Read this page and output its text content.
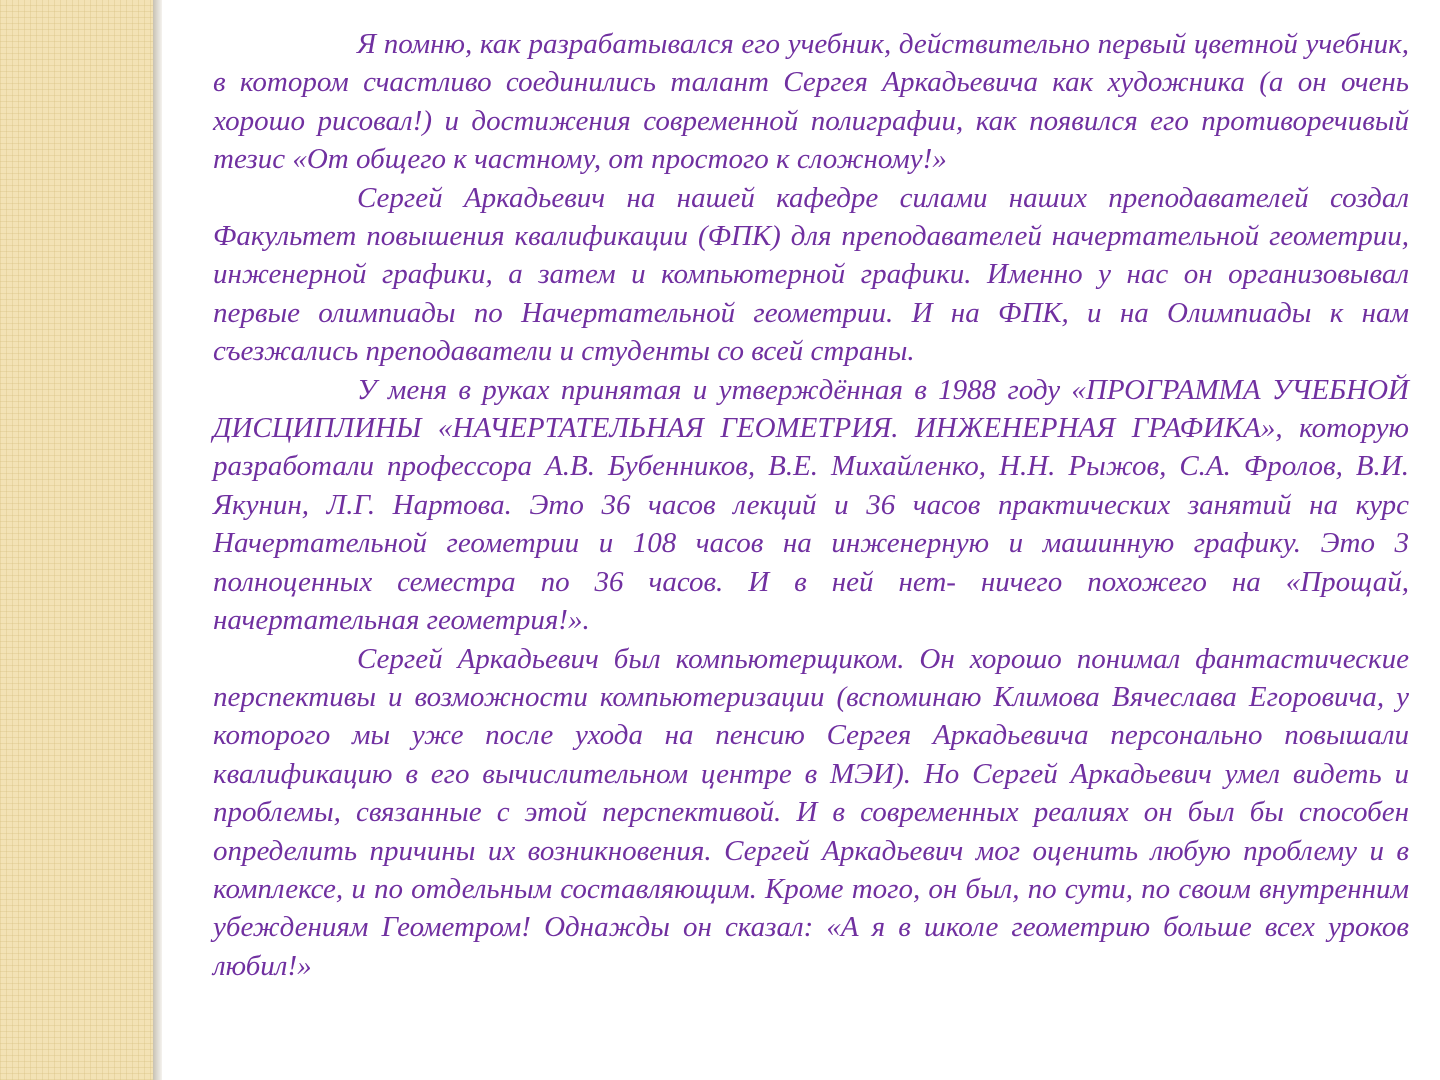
Я помню, как разрабатывался его учебник, действительно первый цветной учебник, в котором счастливо соединились талант Сергея Аркадьевича как художника (а он очень хорошо рисовал!) и достижения современной полиграфии, как появился его противоречивый тезис «От общего к частному, от простого к сложному!»

Сергей Аркадьевич на нашей кафедре силами наших преподавателей создал Факультет повышения квалификации (ФПК) для преподавателей начертательной геометрии, инженерной графики, а затем и компьютерной графики. Именно у нас он организовывал первые олимпиады по Начертательной геометрии. И на ФПК, и на Олимпиады к нам съезжались преподаватели и студенты со всей страны.

У меня в руках принятая и утверждённая в 1988 году «ПРОГРАММА УЧЕБНОЙ ДИСЦИПЛИНЫ «НАЧЕРТАТЕЛЬНАЯ ГЕОМЕТРИЯ. ИНЖЕНЕРНАЯ ГРАФИКА», которую разработали профессора А.В. Бубенников, В.Е. Михайленко, Н.Н. Рыжов, С.А. Фролов, В.И. Якунин, Л.Г. Нартова. Это 36 часов лекций и 36 часов практических занятий на курс Начертательной геометрии и 108 часов на инженерную и машинную графику. Это 3 полноценных семестра по 36 часов. И в ней нет- ничего похожего на «Прощай, начертательная геометрия!».

Сергей Аркадьевич был компьютерщиком. Он хорошо понимал фантастические перспективы и возможности компьютеризации (вспоминаю Климова Вячеслава Егоровича, у которого мы уже после ухода на пенсию Сергея Аркадьевича персонально повышали квалификацию в его вычислительном центре в МЭИ). Но Сергей Аркадьевич умел видеть и проблемы, связанные с этой перспективой. И в современных реалиях он был бы способен определить причины их возникновения. Сергей Аркадьевич мог оценить любую проблему и в комплексе, и по отдельным составляющим. Кроме того, он был, по сути, по своим внутренним убеждениям Геометром! Однажды он сказал: «А я в школе геометрию больше всех уроков любил!»
